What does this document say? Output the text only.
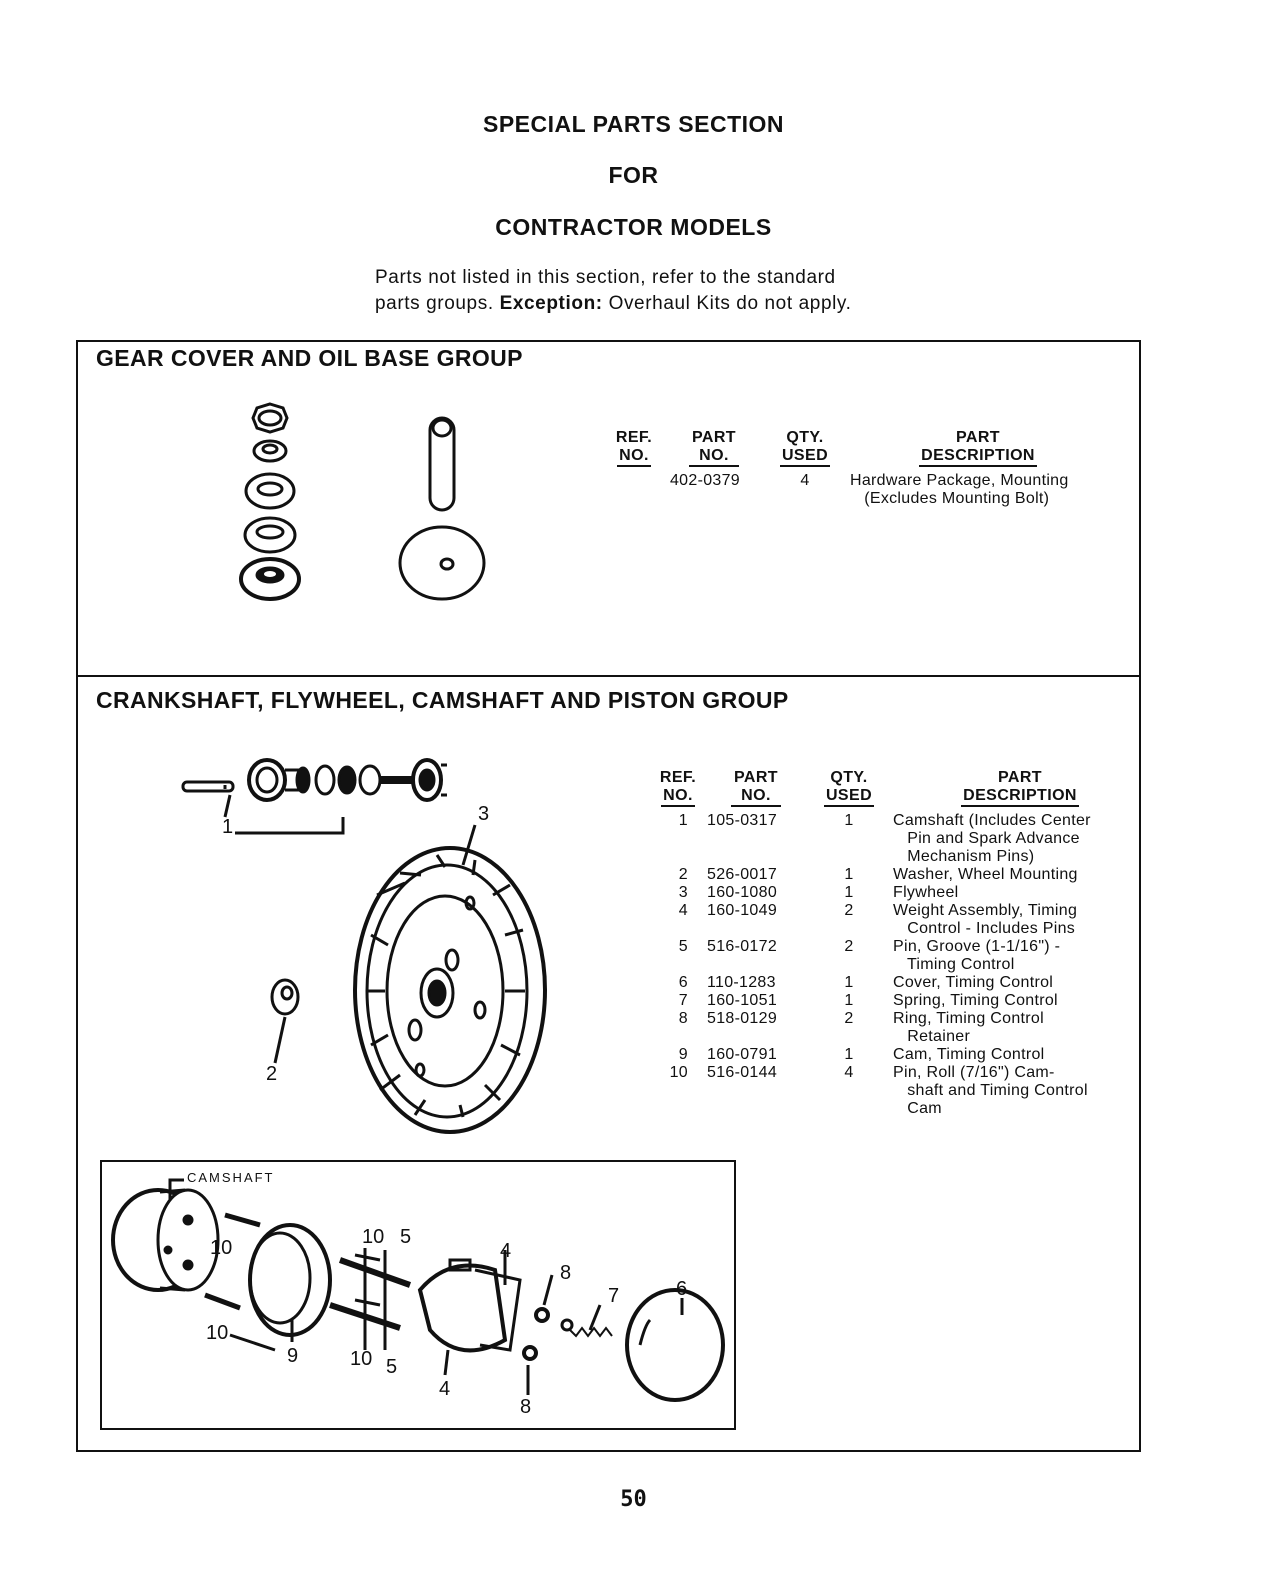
SPECIAL PARTS SECTION
FOR
CONTRACTOR MODELS
Parts not listed in this section, refer to the standard
parts groups. Exception: Overhaul Kits do not apply.
GEAR COVER AND OIL BASE GROUP
REF.
NO.
PART
NO.
QTY.
USED
PART
DESCRIPTION
402-0379	4	Hardware Package, Mounting
(Excludes Mounting Bolt)
CRANKSHAFT, FLYWHEEL, CAMSHAFT AND PISTON GROUP
1
3
2
REF.
NO.
PART
NO.
QTY.
USED
PART
DESCRIPTION
1 105-0317	1	Camshaft (Includes Center
Pin and Spark Advance
Mechanism Pins)
2 526-0017	1	Washer, Wheel Mounting
3 160-1080	1	Flywheel
4 160-1049	2	Weight Assembly, Timing
Control - Includes Pins
5 516-0172	2	Pin, Groove (1-1/16") -
Timing Control
6 110-1283	1	Cover, Timing Control
7 160-1051	1	Spring, Timing Control
8 518-0129	2	Ring, Timing Control
Retainer
9 160-0791	1	Cam, Timing Control
10 516-0144	4	Pin, Roll (7/16") Cam-
shaft and Timing Control
Cam
CAMSHAFT
10 5
10
10
9	10 5
4
4
8
8
7	6
50
